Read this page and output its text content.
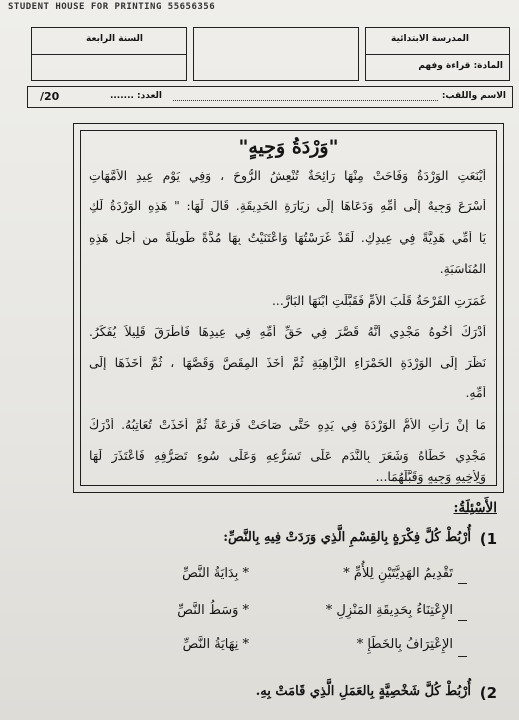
STUDENT HOUSE FOR PRINTING 55656356
المدرسة الابتدائية
المادة: قراءة وفهم
السنة الرابعة
الاسم واللقب:
العدد: .......
20/
"وَرْدَةُ وَجِيهٍ"
أَيْنَعَتِ الوَرْدَةُ وَفَاحَتْ مِنْهَا رَائِحَةٌ تُنْعِشُ الرُّوحَ ، وَفِي يَوْمِ عِيدِ الأُمَّهَاتِ
أَسْرَعَ وَجِيهٌ إِلَى أُمِّهِ وَدَعَاهَا إِلَى زِيَارَةِ الحَدِيقَةِ. قَالَ لَهَا: " هَذِهِ الوَرْدَةُ لَكِ
يَا أُمِّي هَدِيَّةً فِي عِيدِكِ. لَقَدْ غَرَسْتُهَا وَاعْتَنَيْتُ بِهَا مُدَّةً طَوِيلَةً من أجل هَذِهِ
المُنَاسَبَةِ.
غَمَرَتِ الفَرْحَةُ قَلْبَ الأُمِّ فَقَبَّلَتِ ابْنَهَا البَارَّ...
أَدْرَكَ أَخُوهُ مَجْدِي أَنَّهُ قَصَّرَ فِي حَقِّ أُمِّهِ فِي عِيدِهَا فَأَطْرَقَ قَلِيلاً يُفَكِّرُ.
نَظَرَ إِلَى الوَرْدَةِ الحَمْرَاءِ الزَّاهِيَةِ ثُمَّ أَخَذَ المِقَصَّ وَقَصَّهَا ، ثُمَّ أَخَذَهَا إِلَى
أُمِّهِ.
مَا إِنْ رَأَتِ الأُمُّ الوَرْدَةَ فِي يَدِهِ حَتَّى صَاحَتْ فَزِعَةً ثُمَّ أَخَذَتْ تُعَاتِبُهُ. أَدْرَكَ
مَجْدِي خَطَأَهُ وَشَعَرَ بِالنَّدَمِ عَلَى تَسَرُّعِهِ وَعَلَى سُوءِ تَصَرُّفِهِ فَاعْتَذَرَ لَهَا
وَلِأَخِيهِ وَجِيهٍ وَقَبَّلَهُمَا...
الأَسْئِلَةُ:
1)
أُرْبُطْ كُلَّ فِكْرَةٍ بِالقِسْمِ الَّذِي وَرَدَتْ فِيهِ بِالنَّصِّ:
تَقْدِيمُ الهَدِيَّتَيْنِ لِلأُمِّ *
* بِدَايَةُ النَّصِّ
الإِعْتِنَاءُ بِحَدِيقَةِ المَنْزِلِ *
* وَسَطُ النَّصِّ
الإِعْتِرَافُ بِالخَطَإِ *
* نِهَايَةُ النَّصِّ
2)
أُرْبُطْ كُلَّ شَخْصِيَّةٍ بِالعَمَلِ الَّذِي قَامَتْ بِهِ.
